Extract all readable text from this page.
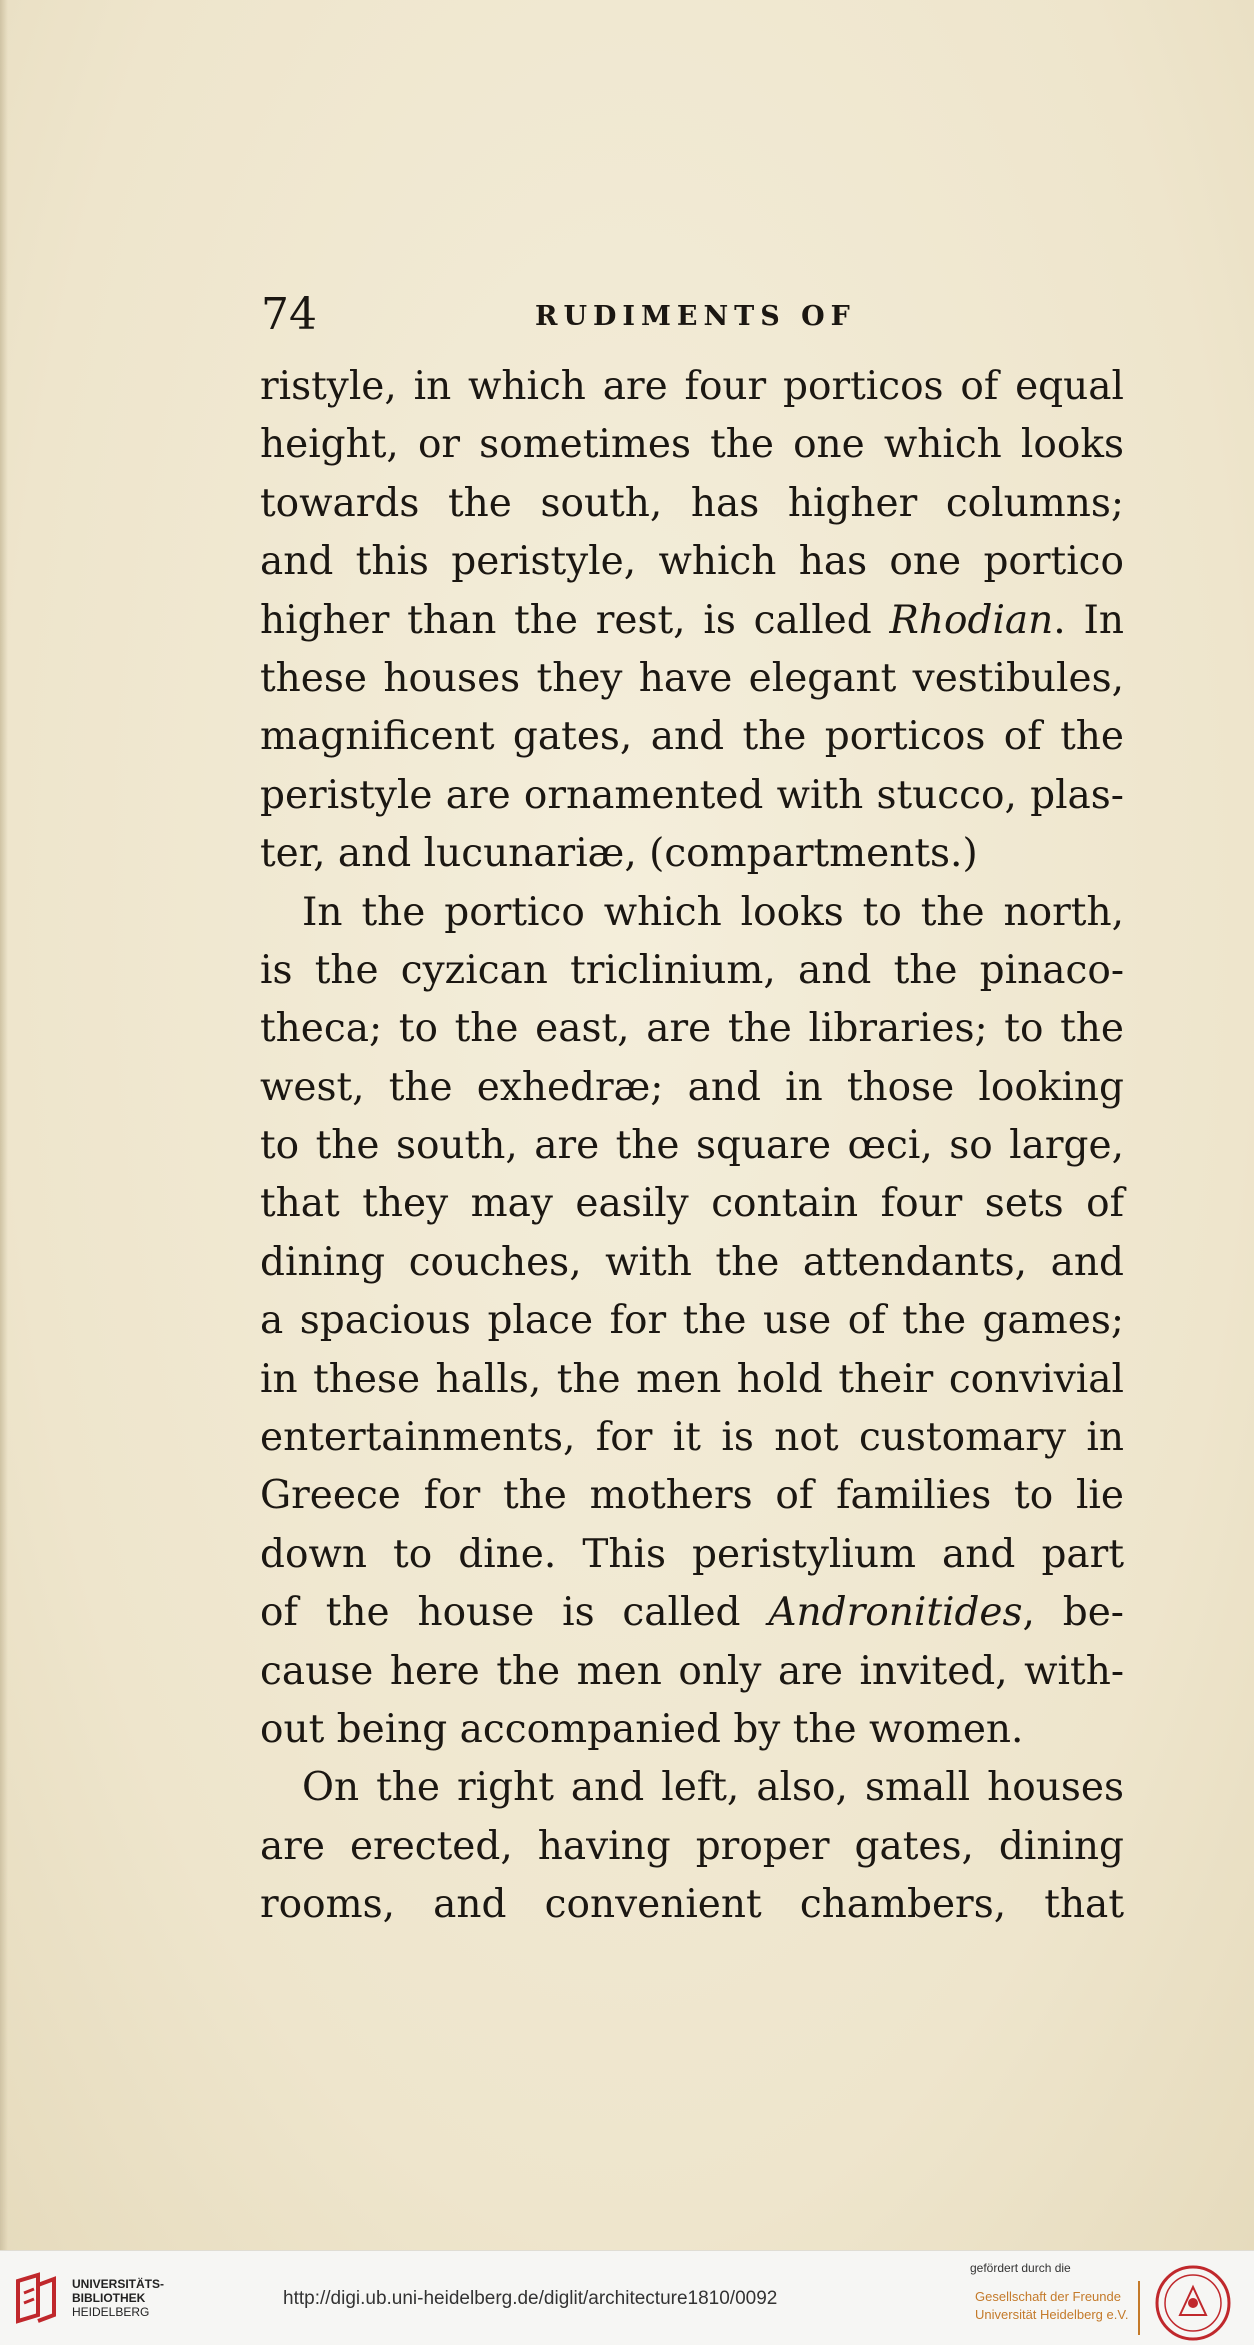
74	RUDIMENTS OF
ristyle, in which are four porticos of equal
height, or sometimes the one which looks
towards the south, has higher columns;
and this peristyle, which has one portico
higher than the rest, is called Rhodian. In
these houses they have elegant vestibules,
magnificent gates, and the porticos of the
peristyle are ornamented with stucco, plas-
ter, and lucunariæ, (compartments.)
In the portico which looks to the north,
is the cyzican triclinium, and the pinaco-
theca; to the east, are the libraries; to the
west, the exhedræ; and in those looking
to the south, are the square œci, so large,
that they may easily contain four sets of
dining couches, with the attendants, and
a spacious place for the use of the games;
in these halls, the men hold their convivial
entertainments, for it is not customary in
Greece for the mothers of families to lie
down to dine. This peristylium and part
of the house is called Andronitides, be-
cause here the men only are invited, with-
out being accompanied by the women.
On the right and left, also, small houses
are erected, having proper gates, dining
rooms, and convenient chambers, that
UNIVERSITÄTS-
BIBLIOTHEK
HEIDELBERG
http://digi.ub.uni-heidelberg.de/diglit/architecture1810/0092
gefördert durch die
Gesellschaft der Freunde
Universität Heidelberg e.V.
